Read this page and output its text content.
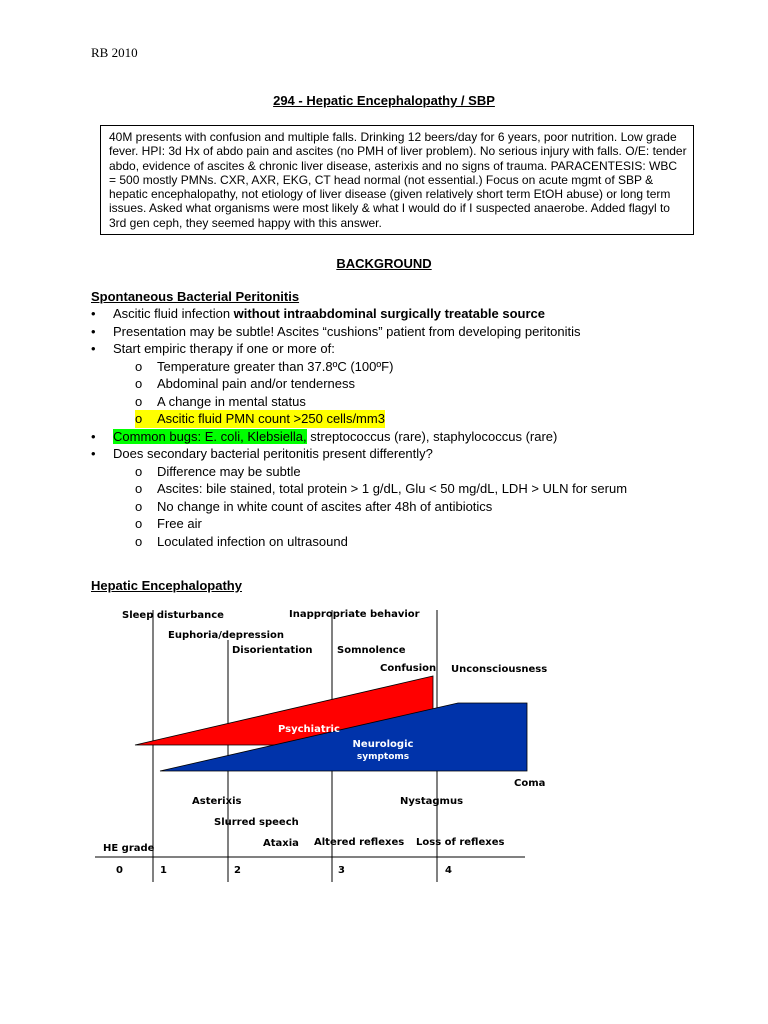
RB 2010
294 - Hepatic Encephalopathy / SBP
40M presents with confusion and multiple falls. Drinking 12 beers/day for 6 years, poor nutrition. Low grade fever. HPI: 3d Hx of abdo pain and ascites (no PMH of liver problem). No serious injury with falls. O/E: tender abdo, evidence of ascites & chronic liver disease, asterixis and no signs of trauma. PARACENTESIS: WBC = 500 mostly PMNs. CXR, AXR, EKG, CT head normal (not essential.) Focus on acute mgmt of SBP & hepatic encephalopathy, not etiology of liver disease (given relatively short term EtOH abuse) or long term issues. Asked what organisms were most likely & what I would do if I suspected anaerobe. Added flagyl to 3rd gen ceph, they seemed happy with this answer.
BACKGROUND
Spontaneous Bacterial Peritonitis
• Ascitic fluid infection without intraabdominal surgically treatable source
• Presentation may be subtle! Ascites “cushions” patient from developing peritonitis
• Start empiric therapy if one or more of:
o Temperature greater than 37.8ºC (100ºF)
o Abdominal pain and/or tenderness
o A change in mental status
o Ascitic fluid PMN count >250 cells/mm3
• Common bugs: E. coli, Klebsiella, streptococcus (rare), staphylococcus (rare)
• Does secondary bacterial peritonitis present differently?
o Difference may be subtle
o Ascites: bile stained, total protein > 1 g/dL, Glu < 50 mg/dL, LDH > ULN for serum
o No change in white count of ascites after 48h of antibiotics
o Free air
o Loculated infection on ultrasound
Hepatic Encephalopathy
Psychiatric
Neurologic
symptoms
Sleep disturbance	Inappropriate behavior
Euphoria/depression
Disorientation Somnolence
Confusion Unconsciousness
Coma
Asterixis	Nystagmus
Slurred speech
Ataxia Altered reflexes Loss of reflexes
HE grade
0	1	2	3	4
